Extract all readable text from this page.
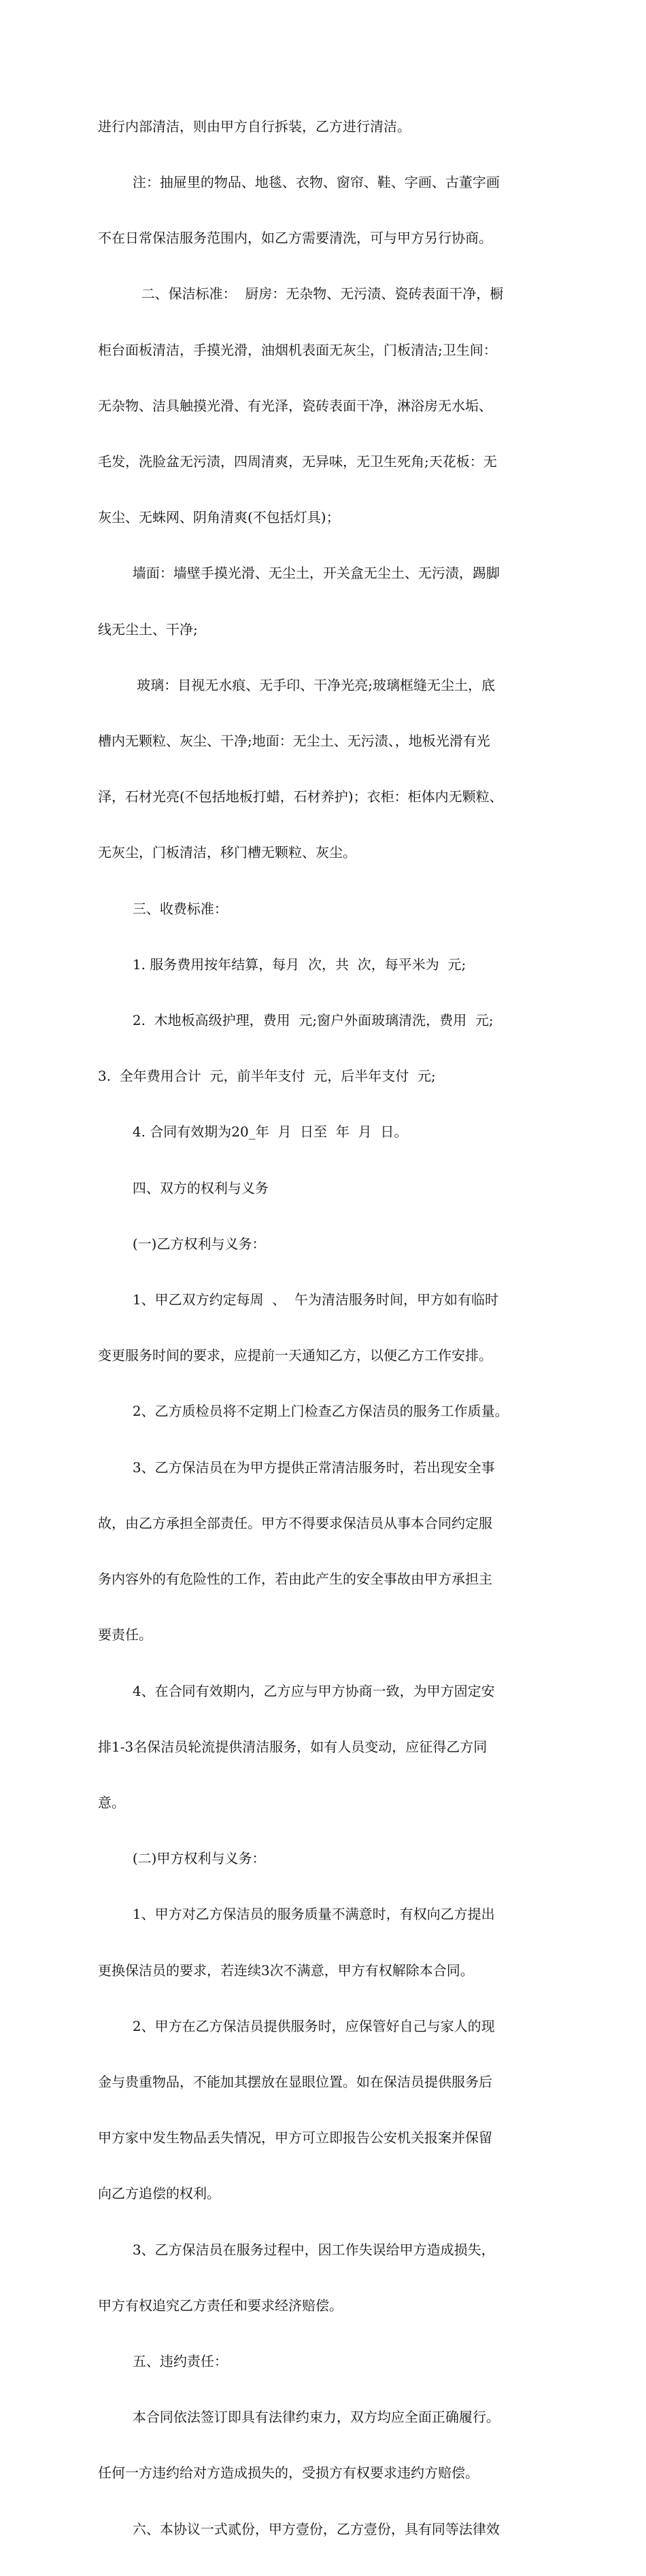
进行内部清洁，则由甲方自行拆装，乙方进行清洁。

注：抽屉里的物品、地毯、衣物、窗帘、鞋、字画、古董字画

不在日常保洁服务范围内，如乙方需要清洗，可与甲方另行协商。

二、保洁标准：  厨房：无杂物、无污渍、瓷砖表面干净，橱

柜台面板清洁，手摸光滑，油烟机表面无灰尘，门板清洁;卫生间：

无杂物、洁具触摸光滑、有光泽，瓷砖表面干净，淋浴房无水垢、

毛发，洗脸盆无污渍，四周清爽，无异味，无卫生死角;天花板：无

灰尘、无蛛网、阴角清爽(不包括灯具)；

墙面：墙壁手摸光滑、无尘土，开关盒无尘土、无污渍，踢脚

线无尘土、干净;

玻璃：目视无水痕、无手印、干净光亮;玻璃框缝无尘土，底

槽内无颗粒、灰尘、干净;地面：无尘土、无污渍、，地板光滑有光

泽，石材光亮(不包括地板打蜡，石材养护)；衣柜：柜体内无颗粒、

无灰尘，门板清洁，移门槽无颗粒、灰尘。

三、收费标准：

1. 服务费用按年结算，每月  次，共  次，每平米为  元;

2.  木地板高级护理，费用  元;窗户外面玻璃清洗，费用  元;

3.  全年费用合计  元，前半年支付  元，后半年支付  元;

4. 合同有效期为20_年  月  日至  年  月  日。

四、双方的权利与义务

(一)乙方权利与义务：

1、甲乙双方约定每周  、  午为清洁服务时间，甲方如有临时

变更服务时间的要求，应提前一天通知乙方，以便乙方工作安排。

2、乙方质检员将不定期上门检查乙方保洁员的服务工作质量。

3、乙方保洁员在为甲方提供正常清洁服务时，若出现安全事

故，由乙方承担全部责任。甲方不得要求保洁员从事本合同约定服

务内容外的有危险性的工作，若由此产生的安全事故由甲方承担主

要责任。

4、在合同有效期内，乙方应与甲方协商一致，为甲方固定安

排1-3名保洁员轮流提供清洁服务，如有人员变动，应征得乙方同

意。

(二)甲方权利与义务：

1、甲方对乙方保洁员的服务质量不满意时，有权向乙方提出

更换保洁员的要求，若连续3次不满意，甲方有权解除本合同。

2、甲方在乙方保洁员提供服务时，应保管好自己与家人的现

金与贵重物品，不能加其摆放在显眼位置。如在保洁员提供服务后

甲方家中发生物品丢失情况，甲方可立即报告公安机关报案并保留

向乙方追偿的权利。

3、乙方保洁员在服务过程中，因工作失误给甲方造成损失，

甲方有权追究乙方责任和要求经济赔偿。

五、违约责任：

本合同依法签订即具有法律约束力，双方均应全面正确履行。

任何一方违约给对方造成损失的，受损方有权要求违约方赔偿。

六、本协议一式贰份，甲方壹份，乙方壹份，具有同等法律效
